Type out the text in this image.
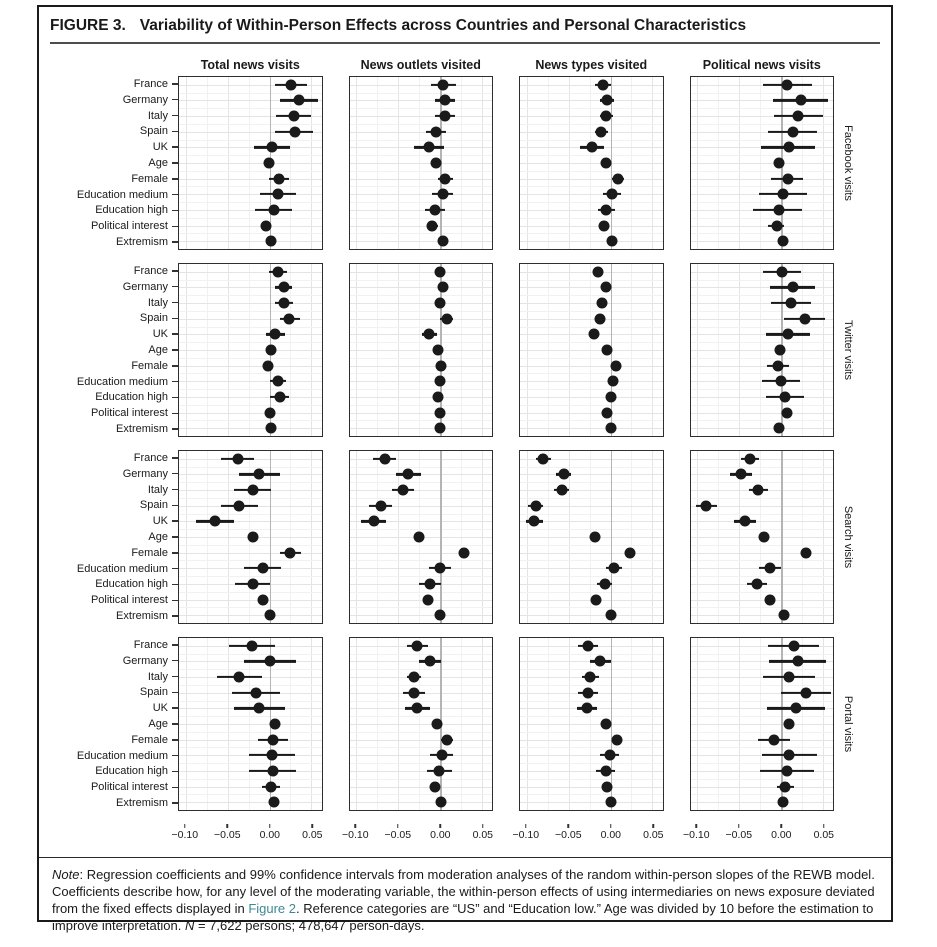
FIGURE 3. Variability of Within-Person Effects across Countries and Personal Characteristics
Total news visits	News outlets visited	News types visited	Political news visits
France
Germany
Italy
Spain
UK
Age
Female
Education medium
Education high
Political interest
Extremism
Facebook visits
France
Germany
Italy
Spain
UK
Age
Female
Education medium
Education high
Political interest
Extremism
Twitter visits
France
Germany
Italy
Spain
UK
Age
Female
Education medium
Education high
Political interest
Extremism
Search visits
France
Germany
Italy
Spain
UK
Age
Female
Education medium
Education high
Political interest
Extremism
Portal visits
−0.10 −0.05 0.00 0.05 −0.10 −0.05 0.00 0.05 −0.10 −0.05 0.00 0.05 −0.10 −0.05 0.00 0.05
Note: Regression coefficients and 99% confidence intervals from moderation analyses of the random within-person slopes of the REWB model. Coefficients describe how, for any level of the moderating variable, the within-person effects of using intermediaries on news exposure deviated from the fixed effects displayed in Figure 2. Reference categories are “US” and “Education low.” Age was divided by 10 before the estimation to improve interpretation. N = 7,622 persons; 478,647 person-days.
